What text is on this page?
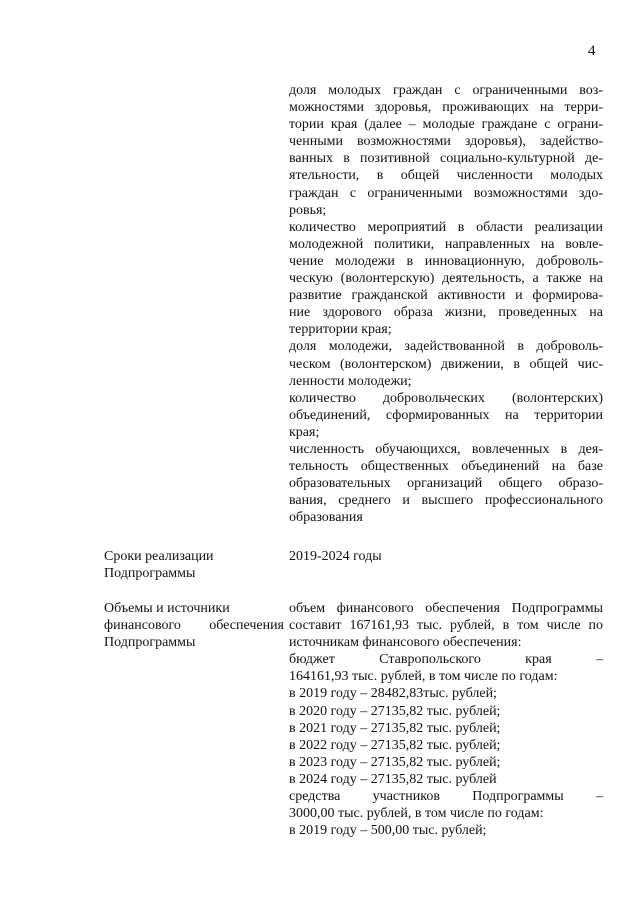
4
доля молодых граждан с ограниченными воз-
можностями здоровья, проживающих на терри-
тории края (далее – молодые граждане с ограни-
ченными возможностями здоровья), задейство-
ванных в позитивной социально-культурной де-
ятельности, в общей численности молодых
граждан с ограниченными возможностями здо-
ровья;
количество мероприятий в области реализации
молодежной политики, направленных на вовле-
чение молодежи в инновационную, доброволь-
ческую (волонтерскую) деятельность, а также на
развитие гражданской активности и формирова-
ние здорового образа жизни, проведенных на
территории края;
доля молодежи, задействованной в доброволь-
ческом (волонтерском) движении, в общей чис-
ленности молодежи;
количество добровольческих (волонтерских)
объединений, сформированных на территории
края;
численность обучающихся, вовлеченных в дея-
тельность общественных объединений на базе
образовательных организаций общего образо-
вания, среднего и высшего профессионального
образования
Сроки реализации
Подпрограммы
2019-2024 годы
Объемы и источники
финансового обеспечения
Подпрограммы
объем финансового обеспечения Подпрограммы
составит 167161,93 тыс. рублей, в том числе по
источникам финансового обеспечения:
бюджет Ставропольского края –
164161,93 тыс. рублей, в том числе по годам:
в 2019 году – 28482,83тыс. рублей;
в 2020 году – 27135,82 тыс. рублей;
в 2021 году – 27135,82 тыс. рублей;
в 2022 году – 27135,82 тыс. рублей;
в 2023 году – 27135,82 тыс. рублей;
в 2024 году – 27135,82 тыс. рублей
средства участников Подпрограммы –
3000,00 тыс. рублей, в том числе по годам:
в 2019 году – 500,00 тыс. рублей;
